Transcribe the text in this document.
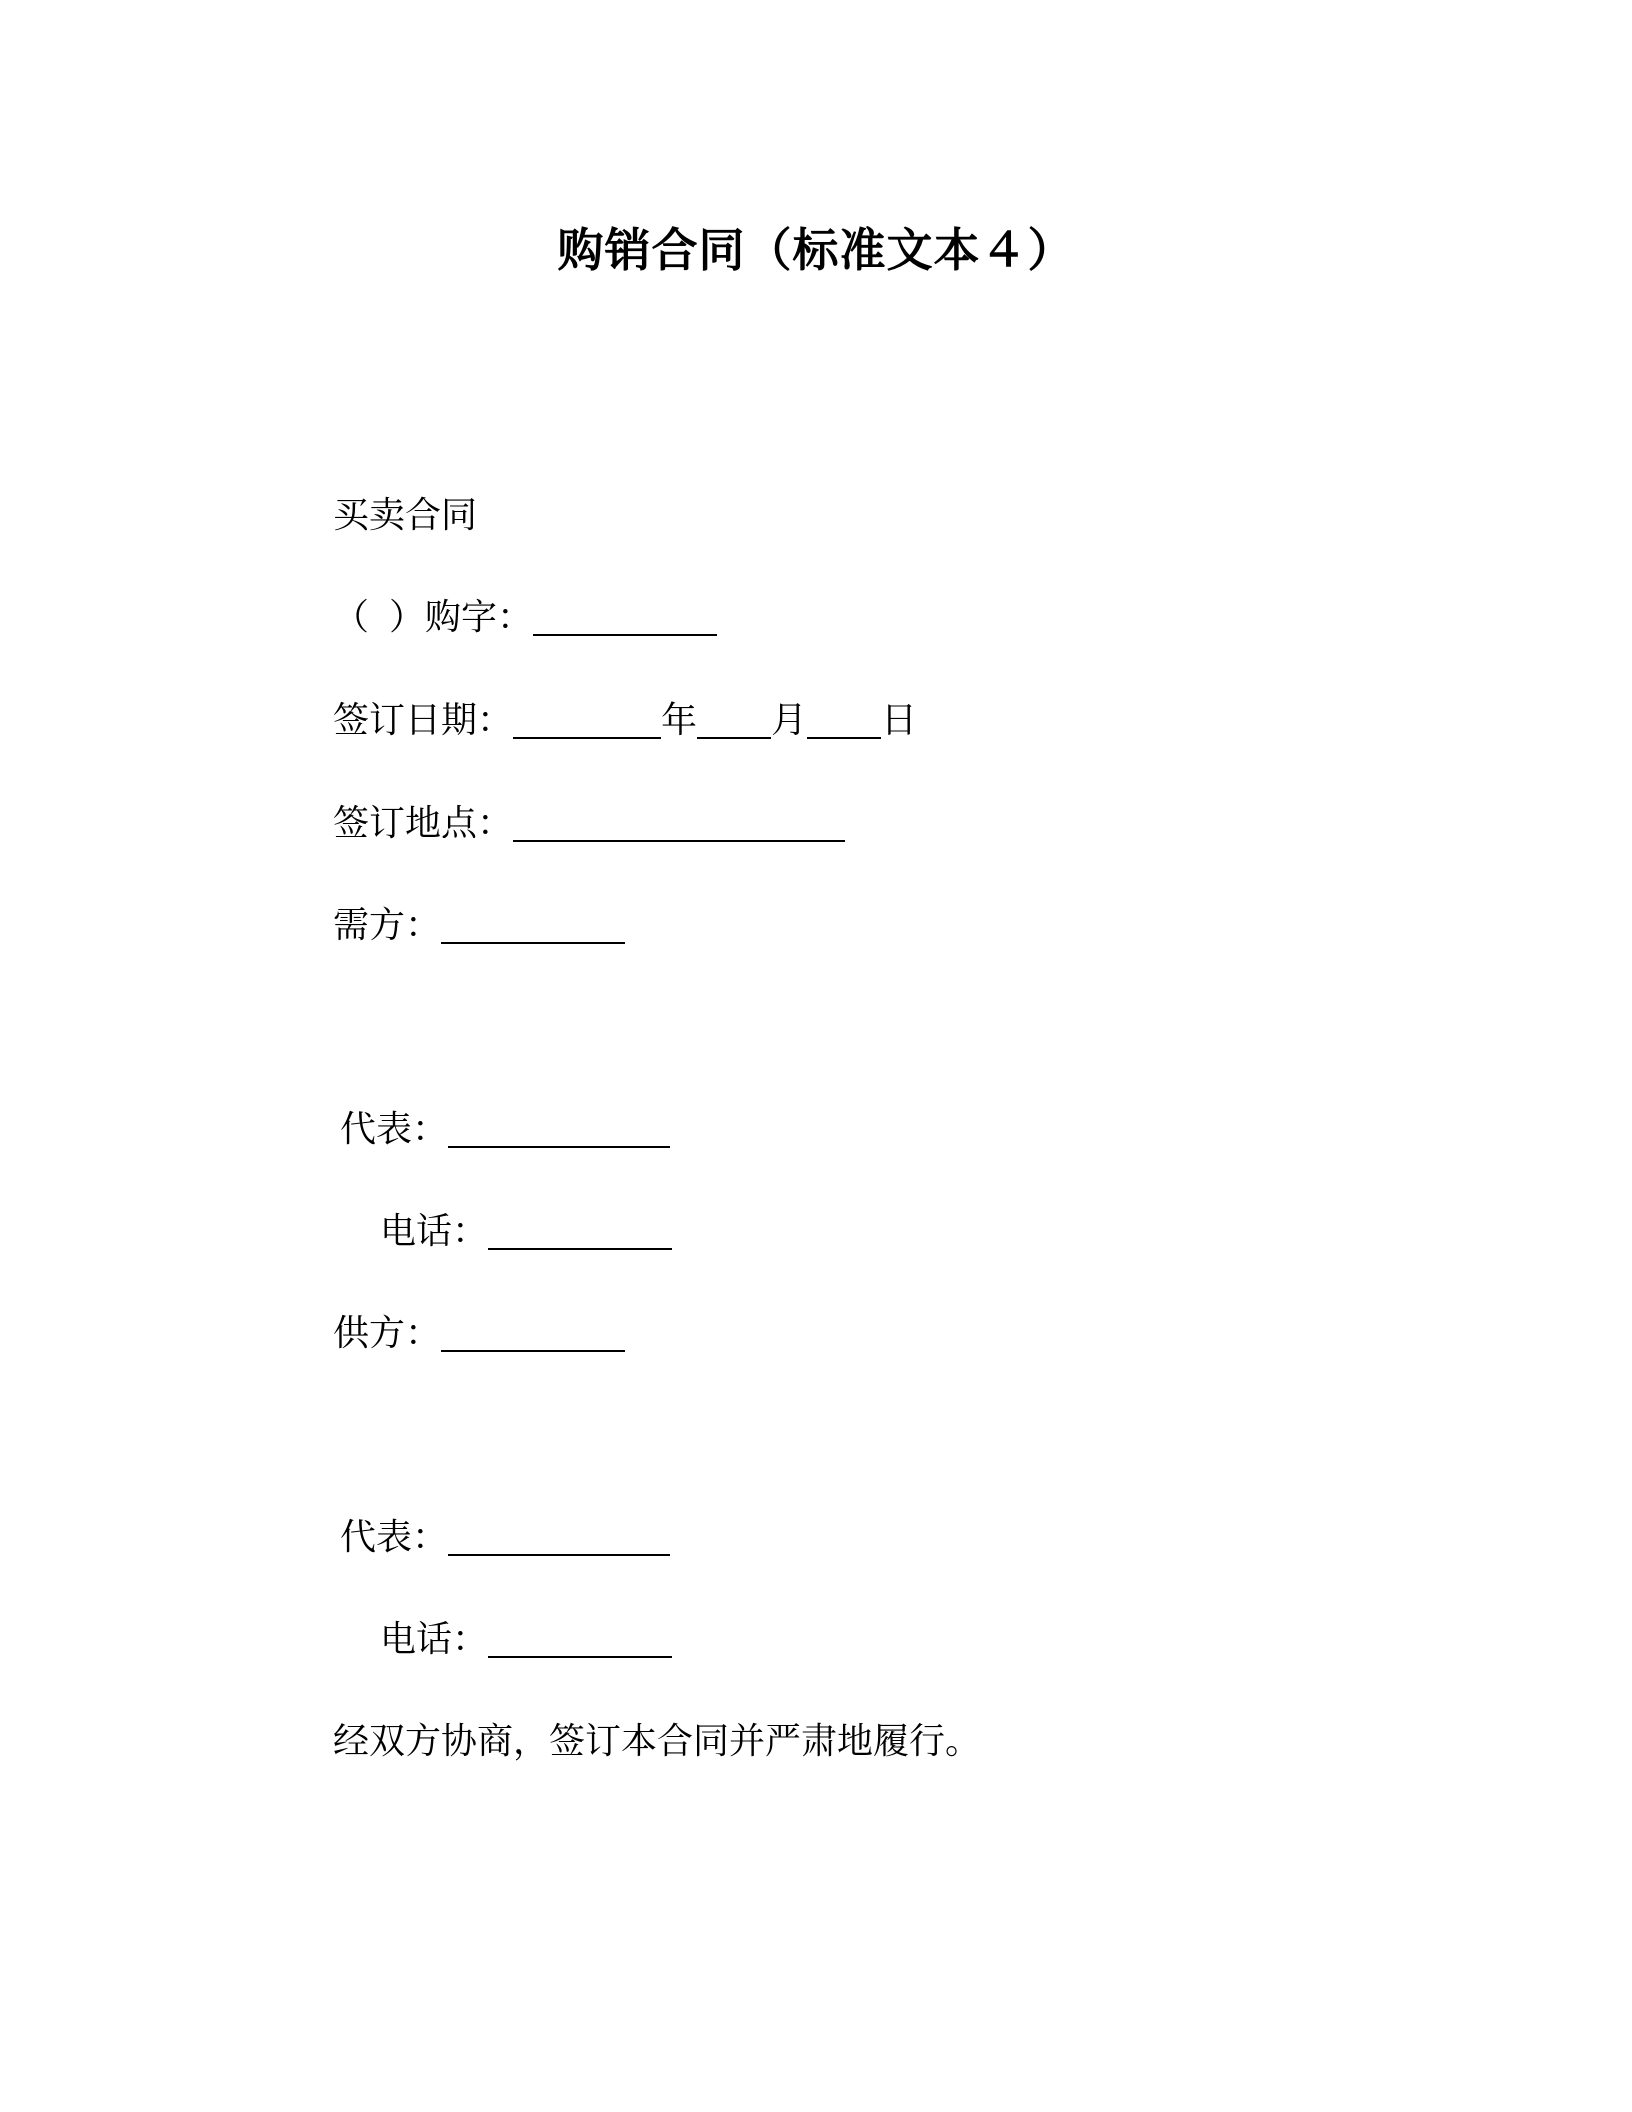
购销合同（标准文本４）
买卖合同
（ ） 购字：
签订日期：	年 月 日
签订地点：
需方：
代表：
电话：
供方：
代表：
电话：
经双方协商，签订本合同并严肃地履行。
